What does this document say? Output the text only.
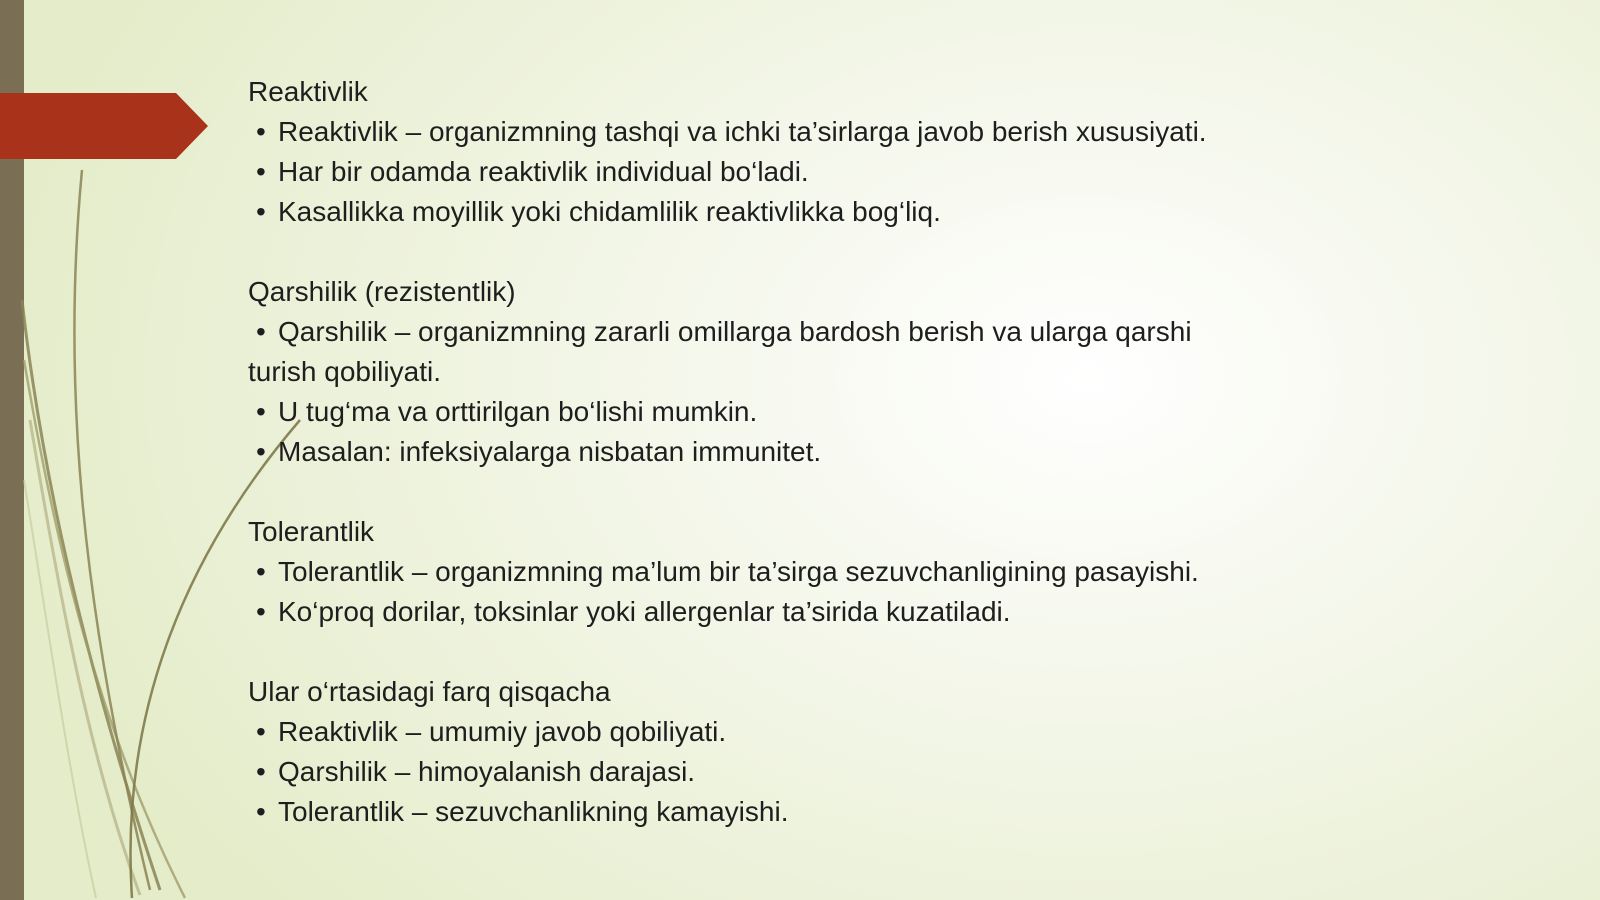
Reaktivlik

• Reaktivlik – organizmning tashqi va ichki ta’sirlarga javob berish xususiyati.
• Har bir odamda reaktivlik individual bo‘ladi.
• Kasallikka moyillik yoki chidamlilik reaktivlikka bog‘liq.

Qarshilik (rezistentlik)

• Qarshilik – organizmning zararli omillarga bardosh berish va ularga qarshi
turish qobiliyati.
• U tug‘ma va orttirilgan bo‘lishi mumkin.
• Masalan: infeksiyalarga nisbatan immunitet.

Tolerantlik

• Tolerantlik – organizmning ma’lum bir ta’sirga sezuvchanligining pasayishi.
• Ko‘proq dorilar, toksinlar yoki allergenlar ta’sirida kuzatiladi.

Ular o‘rtasidagi farq qisqacha

• Reaktivlik – umumiy javob qobiliyati.
• Qarshilik – himoyalanish darajasi.
• Tolerantlik – sezuvchanlikning kamayishi.
